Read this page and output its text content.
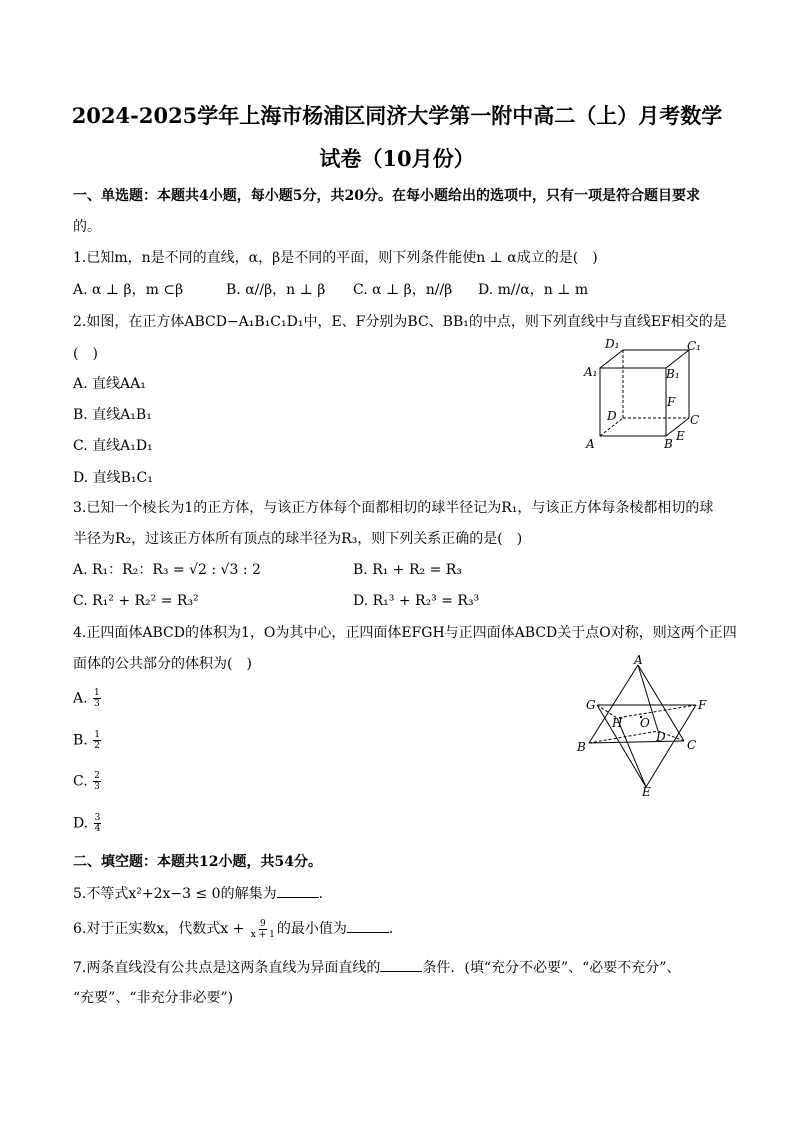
2024-2025学年上海市杨浦区同济大学第一附中高二（上）月考数学
试卷（10月份）
一、单选题：本题共4小题，每小题5分，共20分。在每小题给出的选项中，只有一项是符合题目要求
的。
1.已知m，n是不同的直线，α，β是不同的平面，则下列条件能使n ⊥ α成立的是(　)
A. α ⊥ β，m ⊂β	B. α//β，n ⊥ β C. α ⊥ β，n//β D. m//α，n ⊥ m
2.如图，在正方体ABCD−A₁B₁C₁D₁中，E、F分别为BC、BB₁的中点，则下列直线中与直线EF相交的是
(　)
A. 直线AA₁
B. 直线A₁B₁
C. 直线A₁D₁
D. 直线B₁C₁
D₁	C₁
A₁	B₁
F
D	C
A	B
E
3.已知一个棱长为1的正方体，与该正方体每个面都相切的球半径记为R₁，与该正方体每条棱都相切的球
半径为R₂，过该正方体所有顶点的球半径为R₃，则下列关系正确的是(　)
A. R₁：R₂：R₃ = √2 : √3 : 2	B. R₁ + R₂ = R₃
C. R₁² + R₂² = R₃²	D. R₁³ + R₂³ = R₃³
4.正四面体ABCD的体积为1，O为其中心，正四面体EFGH与正四面体ABCD关于点O对称，则这两个正四
面体的公共部分的体积为(　)
A. $\frac{1}{3}$
B. $\frac{1}{2}$
C. $\frac{2}{3}$
D. $\frac{3}{4}$
A
G	F
H O
D
B	C
E
二、填空题：本题共12小题，共54分。
5.不等式x²+2x−3 ≤ 0的解集为	.
6.对于正实数x，代数式$x + \frac{9}{x + 1}$ 的最小值为	.
7.两条直线没有公共点是这两条直线为异面直线的	条件．(填“充分不必要”、“必要不充分”、
“充要”、“非充分非必要”)
